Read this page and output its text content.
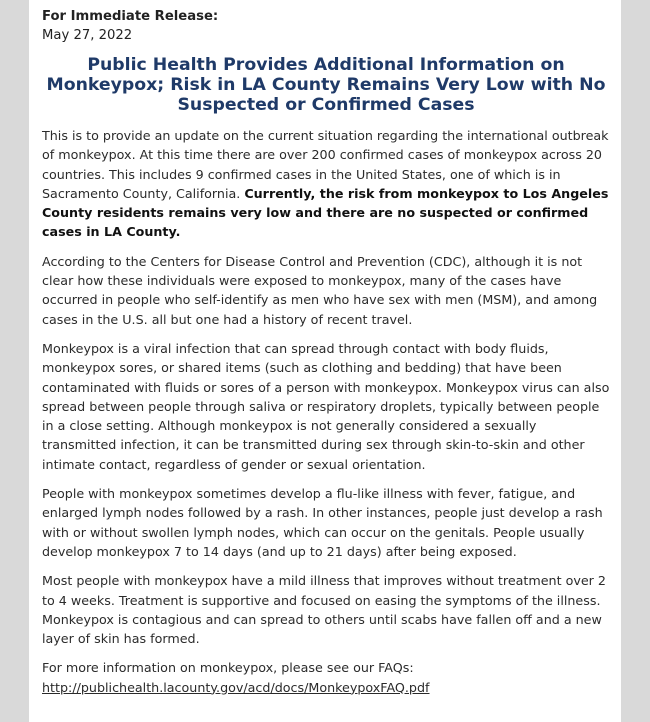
For Immediate Release:
May 27, 2022
Public Health Provides Additional Information on Monkeypox; Risk in LA County Remains Very Low with No Suspected or Confirmed Cases

This is to provide an update on the current situation regarding the international outbreak of monkeypox. At this time there are over 200 confirmed cases of monkeypox across 20 countries. This includes 9 confirmed cases in the United States, one of which is in Sacramento County, California. Currently, the risk from monkeypox to Los Angeles County residents remains very low and there are no suspected or confirmed cases in LA County.

According to the Centers for Disease Control and Prevention (CDC), although it is not clear how these individuals were exposed to monkeypox, many of the cases have occurred in people who self-identify as men who have sex with men (MSM), and among cases in the U.S. all but one had a history of recent travel.

Monkeypox is a viral infection that can spread through contact with body fluids, monkeypox sores, or shared items (such as clothing and bedding) that have been contaminated with fluids or sores of a person with monkeypox. Monkeypox virus can also spread between people through saliva or respiratory droplets, typically between people in a close setting. Although monkeypox is not generally considered a sexually transmitted infection, it can be transmitted during sex through skin-to-skin and other intimate contact, regardless of gender or sexual orientation.

People with monkeypox sometimes develop a flu-like illness with fever, fatigue, and enlarged lymph nodes followed by a rash. In other instances, people just develop a rash with or without swollen lymph nodes, which can occur on the genitals. People usually develop monkeypox 7 to 14 days (and up to 21 days) after being exposed.

Most people with monkeypox have a mild illness that improves without treatment over 2 to 4 weeks. Treatment is supportive and focused on easing the symptoms of the illness. Monkeypox is contagious and can spread to others until scabs have fallen off and a new layer of skin has formed.

For more information on monkeypox, please see our FAQs: http://publichealth.lacounty.gov/acd/docs/MonkeypoxFAQ.pdf
